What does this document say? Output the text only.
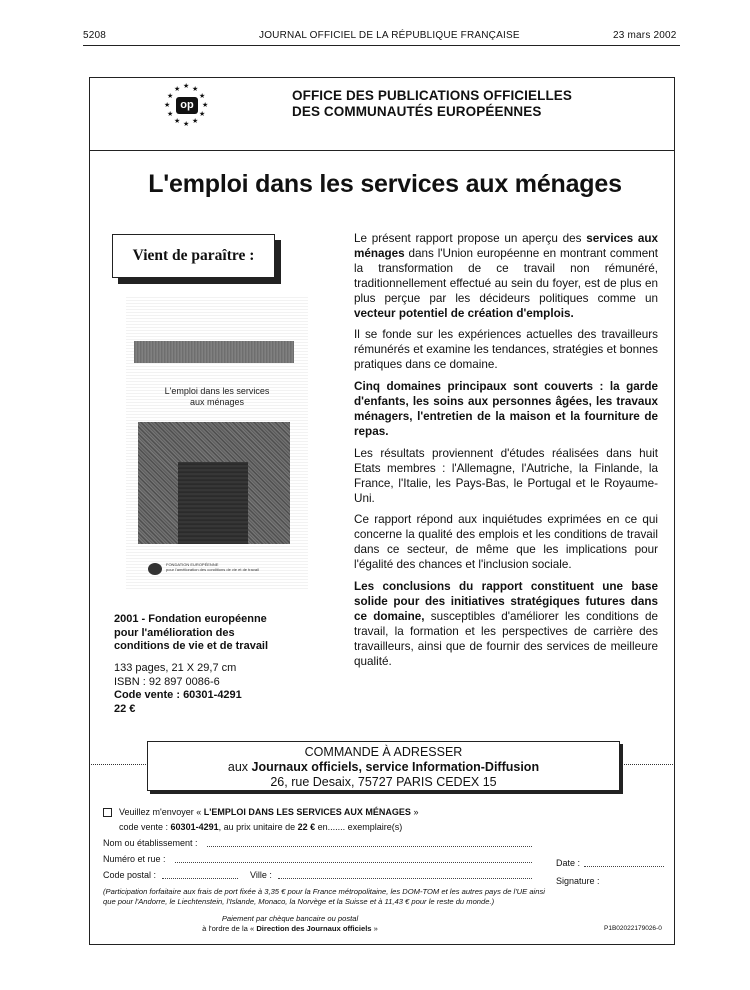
5208	JOURNAL OFFICIEL DE LA RÉPUBLIQUE FRANÇAISE	23 mars 2002
★ ★
★
★
★
★
★
★
★
★
★
★
op
OFFICE DES PUBLICATIONS OFFICIELLES
DES COMMUNAUTÉS EUROPÉENNES
L'emploi dans les services aux ménages
Vient de paraître :
L'emploi dans les services
aux ménages
FONDATION EUROPÉENNE
pour l'amélioration des conditions de vie et de travail
2001 - Fondation européenne
pour l'amélioration des
conditions de vie et de travail
133 pages, 21 X 29,7 cm
ISBN : 92 897 0086-6
Code vente : 60301-4291
22 €

Le présent rapport propose un aperçu des services aux ménages dans l'Union européenne en montrant comment la transformation de ce travail non rémunéré, traditionnellement effectué au sein du foyer, est de plus en plus perçue par les décideurs politiques comme un vecteur potentiel de création d'emplois.

Il se fonde sur les expériences actuelles des travailleurs rémunérés et examine les tendances, stratégies et bonnes pratiques dans ce domaine.

Cinq domaines principaux sont couverts : la garde d'enfants, les soins aux personnes âgées, les travaux ménagers, l'entretien de la maison et la fourniture de repas.

Les résultats proviennent d'études réalisées dans huit Etats membres : l'Allemagne, l'Autriche, la Finlande, la France, l'Italie, les Pays-Bas, le Portugal et le Royaume-Uni.

Ce rapport répond aux inquiétudes exprimées en ce qui concerne la qualité des emplois et les conditions de travail dans ce secteur, de même que les implications pour l'égalité des chances et l'inclusion sociale.

Les conclusions du rapport constituent une base solide pour des initiatives stratégiques futures dans ce domaine, susceptibles d'améliorer les conditions de travail, la formation et les perspectives de carrière des travailleurs, ainsi que de fournir des services de meilleure qualité.

COMMANDE À ADRESSER
aux Journaux officiels, service Information-Diffusion
26, rue Desaix, 75727 PARIS CEDEX 15
Veuillez m'envoyer « L'EMPLOI DANS LES SERVICES AUX MÉNAGES »
code vente : 60301-4291, au prix unitaire de 22 € en....... exemplaire(s)
Nom ou établissement :
Numéro et rue :
Code postal :	Ville :
Date :
Signature :
(Participation forfaitaire aux frais de port fixée à 3,35 € pour la France métropolitaine, les DOM-TOM et les autres pays de l'UE ainsi
que pour l'Andorre, le Liechtenstein, l'Islande, Monaco, la Norvège et la Suisse et à 11,43 € pour le reste du monde.)
Paiement par chèque bancaire ou postal
à l'ordre de la « Direction des Journaux officiels »	P1B02022179026-0
